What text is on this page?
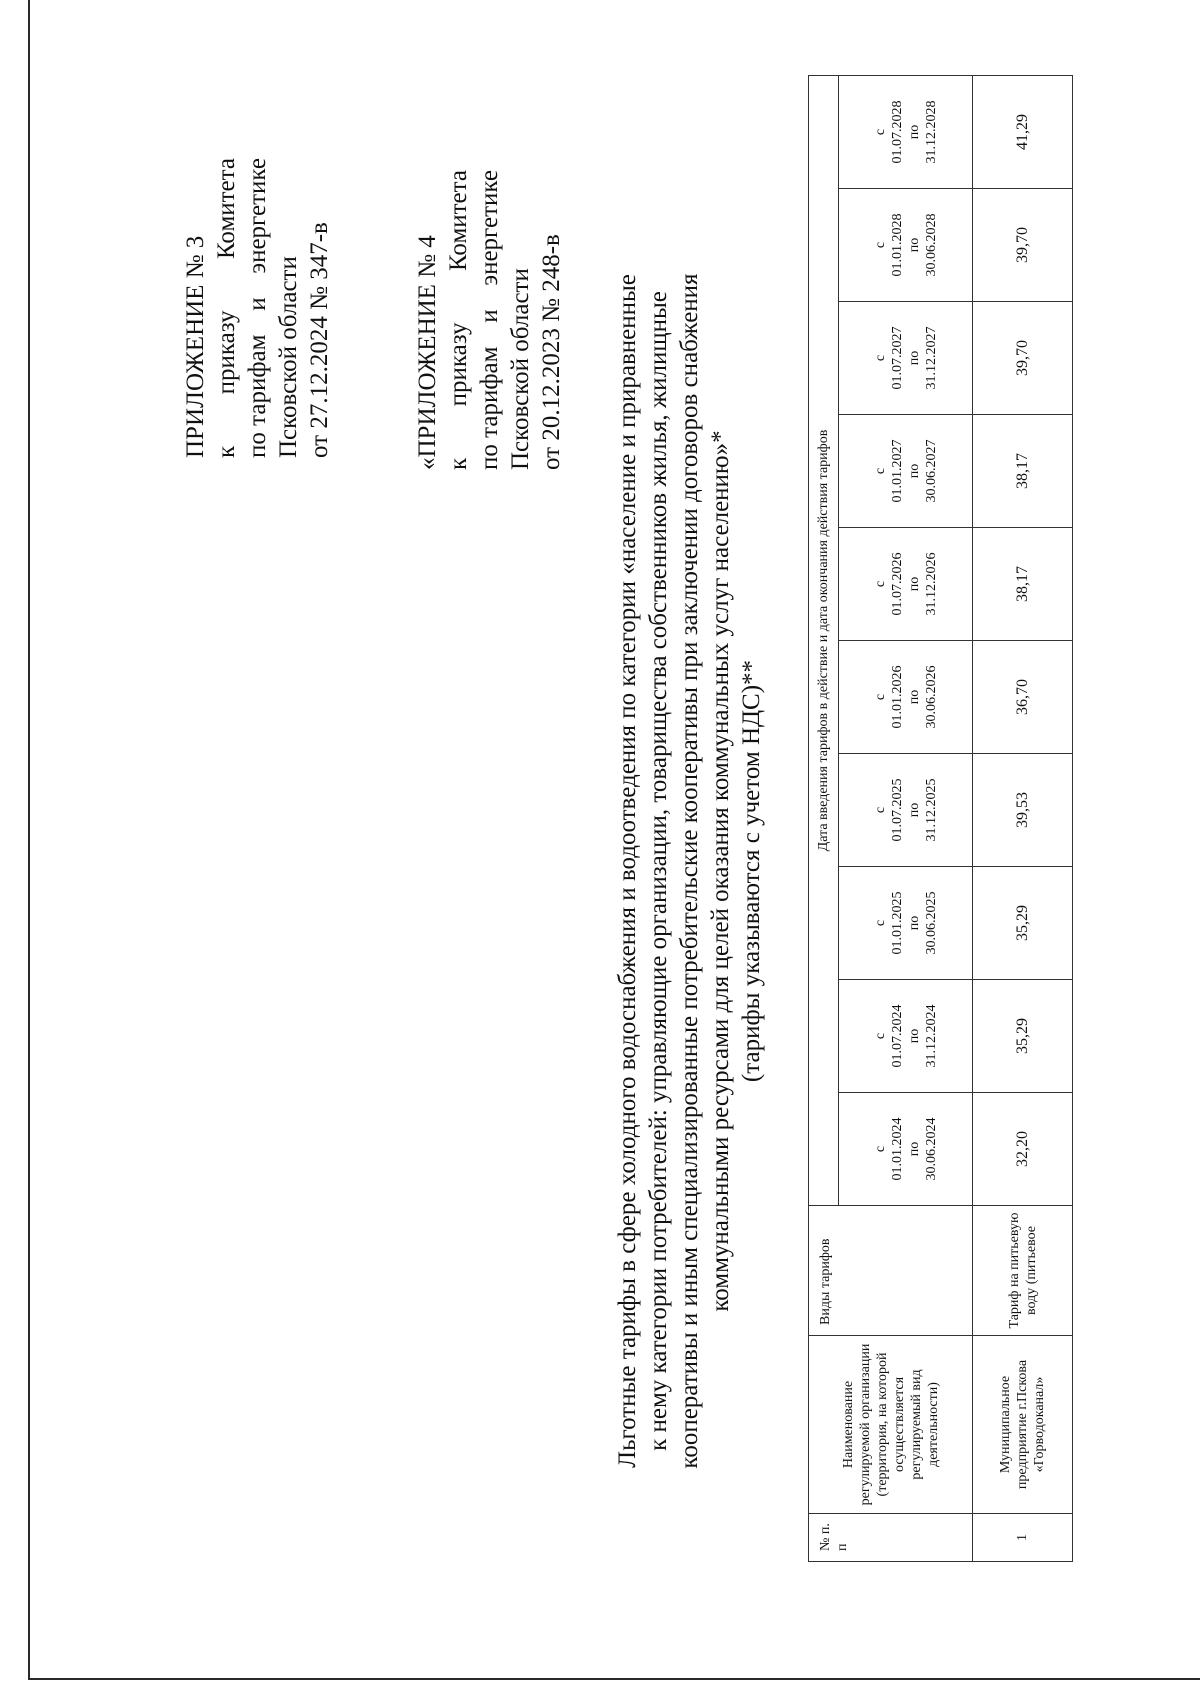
ПРИЛОЖЕНИЕ № 3 к
приказу
Комитета
по тарифам
и
энергетике
Псковской области от 27.12.2024 № 347-в	«ПРИЛОЖЕНИЕ № 4 к
приказу
Комитета
по тарифам
и
энергетике
Псковской области от 20.12.2023 № 248-в Льготные тарифы в сфере холодного водоснабжения и водоотведения по категории «население и приравненные к нему категории потребителей: управляющие организации, товарищества собственников жилья, жилищные кооперативы и иным специализированные потребительские кооперативы при заключении договоров снабжения коммунальными ресурсами для целей оказания коммунальных услуг населению»* (тарифы указываются с учетом НДС)**
№ п. п	Наименование регулируемой организации (территория, на которой осуществляется регулируемый вид деятельности)	Виды тарифов	Дата введения тарифов в действие и дата окончания действия тарифов									
			с 01.01.2024 по 30.06.2024	с 01.07.2024 по 31.12.2024	с 01.01.2025 по 30.06.2025	с 01.07.2025 по 31.12.2025	с 01.01.2026 по 30.06.2026	с 01.07.2026 по 31.12.2026	с 01.01.2027 по 30.06.2027	с 01.07.2027 по 31.12.2027	с 01.01.2028 по 30.06.2028	с 01.07.2028 по 31.12.2028
1	Муниципальное предприятие г.Пскова «Горводоканал»	Тариф на питьевую воду (питьевое	32,20	35,29	35,29	39,53	36,70	38,17	38,17	39,70	39,70	41,29
